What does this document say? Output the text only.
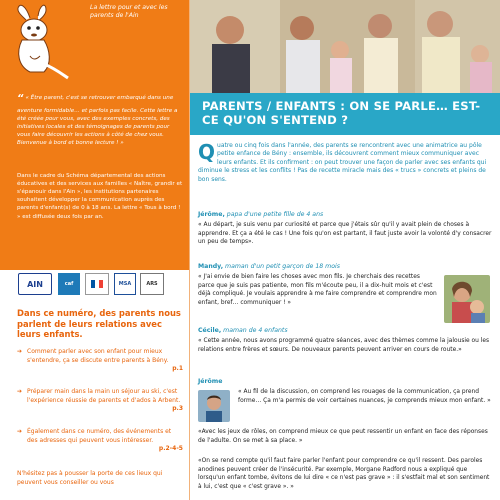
La lettre pour et avec les parents de l'Ain
“ « Être parent, c'est se retrouver embarqué dans une aventure formidable… et parfois pas facile. Cette lettre a été créée pour vous, avec des exemples concrets, des initiatives locales et des témoignages de parents pour vous faire découvrir les actions à côté de chez vous. Bienvenue à bord et bonne lecture ! »
Dans le cadre du Schéma départemental des actions éducatives et des services aux familles « Naître, grandir et s'épanouir dans l'Ain », les institutions partenaires souhaitent développer la communication auprès des parents d'enfant(s) de 0 à 18 ans. La lettre « Tous à bord ! » est diffusée deux fois par an.
AIN	caf	MSA	ARS
Dans ce numéro, des parents nous parlent de leurs relations avec leurs enfants.
➔ Comment parler avec son enfant pour mieux s'entendre, ça se discute entre parents à Bény.
p.1
➔ Préparer main dans la main un séjour au ski, c'est l'expérience réussie de parents et d'ados à Arbent.
p.3
➔ Également dans ce numéro, des événements et des adresses qui peuvent vous intéresser.
p.2-4-5
N'hésitez pas à pousser la porte de ces lieux qui peuvent vous conseiller ou vous
PARENTS / ENFANTS : ON SE PARLE… EST-CE QU'ON S'ENTEND ?
Quatre ou cinq fois dans l'année, des parents se rencontrent avec une animatrice au pôle petite enfance de Bény : ensemble, ils découvrent comment mieux communiquer avec leurs enfants. Et ils confirment : on peut trouver une façon de parler avec ses enfants qui diminue le stress et les conflits ! Pas de recette miracle mais des « trucs » concrets et pleins de bon sens.
Jérôme, papa d'une petite fille de 4 ans
« Au départ, je suis venu par curiosité et parce que j'étais sûr qu'il y avait plein de choses à apprendre. Et ça a été le cas ! Une fois qu'on est partant, il faut juste avoir la volonté d'y consacrer un peu de temps».
Mandy, maman d'un petit garçon de 18 mois
« J'ai envie de bien faire les choses avec mon fils. Je cherchais des recettes parce que je suis pas patiente, mon fils m'écoute peu, il a dix-huit mois et c'est déjà compliqué. Je voulais apprendre à me faire comprendre et comprendre mon enfant, bref… communiquer ! »
Cécile, maman de 4 enfants
« Cette année, nous avons programmé quatre séances, avec des thèmes comme la jalousie ou les relations entre frères et sœurs. De nouveaux parents peuvent arriver en cours de route.»
Jérôme
« Au fil de la discussion, on comprend les rouages de la communication, ça prend forme… Ça m'a permis de voir certaines nuances, je comprends mieux mon enfant. »
«Avec les jeux de rôles, on comprend mieux ce que peut ressentir un enfant en face des réponses de l'adulte. On se met à sa place. »
«On se rend compte qu'il faut faire parler l'enfant pour comprendre ce qu'il ressent. Des paroles anodines peuvent créer de l'insécurité. Par exemple, Morgane Radford nous a expliqué que lorsqu'un enfant tombe, évitons de lui dire « ce n'est pas grave » : il s'estfait mal et son sentiment à lui, c'est que « c'est grave ». »
